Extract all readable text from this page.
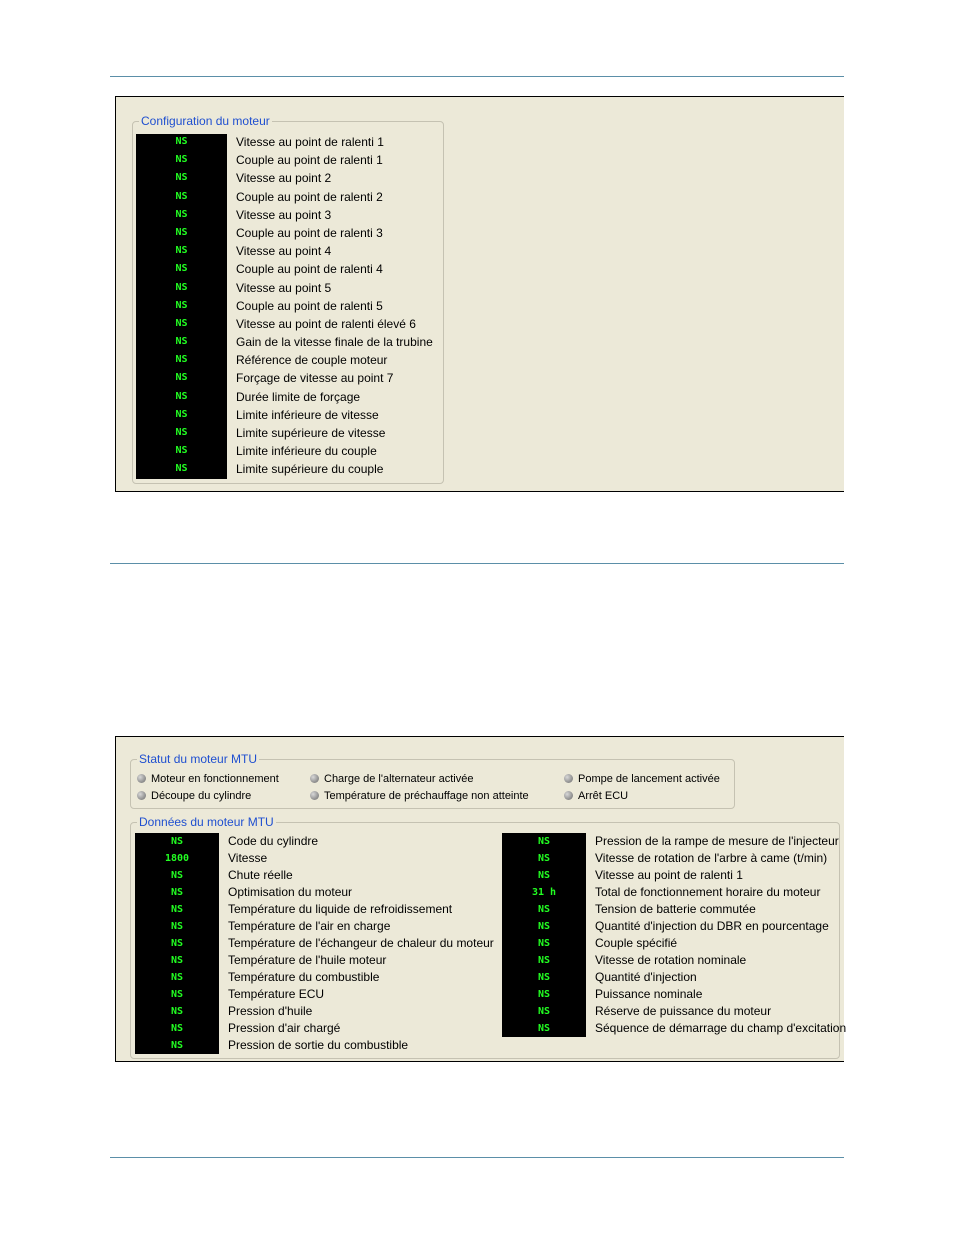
Configuration du moteur
NS	Vitesse au point de ralenti 1
NS	Couple au point de ralenti 1
NS	Vitesse au point 2
NS	Couple au point de ralenti 2
NS	Vitesse au point 3
NS	Couple au point de ralenti 3
NS	Vitesse au point 4
NS	Couple au point de ralenti 4
NS	Vitesse au point 5
NS	Couple au point de ralenti 5
NS	Vitesse au point de ralenti élevé 6
NS	Gain de la vitesse finale de la trubine
NS	Référence de couple moteur
NS	Forçage de vitesse au point 7
NS	Durée limite de forçage
NS	Limite inférieure de vitesse
NS	Limite supérieure de vitesse
NS	Limite inférieure du couple
NS	Limite supérieure du couple
Statut du moteur MTU
Moteur en fonctionnement	Charge de l'alternateur activée	Pompe de lancement activée
Découpe du cylindre	Température de préchauffage non atteinte	Arrêt ECU
Données du moteur MTU
NS	Code du cylindre
1800	Vitesse
NS	Chute réelle
NS	Optimisation du moteur
NS	Température du liquide de refroidissement
NS	Température de l'air en charge
NS	Température de l'échangeur de chaleur du moteur
NS	Température de l'huile moteur
NS	Température du combustible
NS	Température ECU
NS	Pression d'huile
NS	Pression d'air chargé
NS	Pression de sortie du combustible
NS	Pression de la rampe de mesure de l'injecteur
NS	Vitesse de rotation de l'arbre à came (t/min)
NS	Vitesse au point de ralenti 1
31 h	Total de fonctionnement horaire du moteur
NS	Tension de batterie commutée
NS	Quantité d'injection du DBR en pourcentage
NS	Couple spécifié
NS	Vitesse de rotation nominale
NS	Quantité d'injection
NS	Puissance nominale
NS	Réserve de puissance du moteur
NS	Séquence de démarrage du champ d'excitation
